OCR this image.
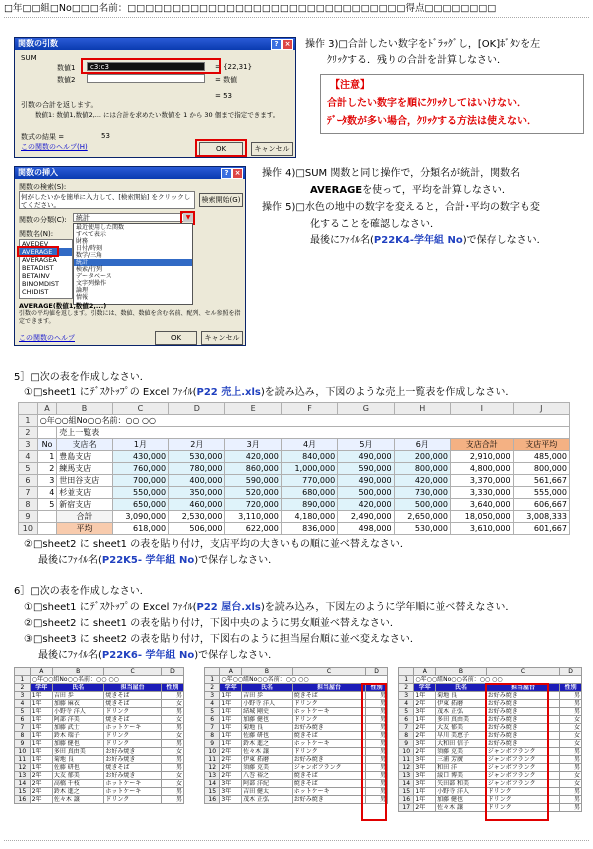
□年□□組□No□□□名前：□□□□□□□□□□□□□□□□□□□□□□□□□□□□□□□得点□□□□□□□□
関数の引数	? ×
SUM
数値1	c3:c3	= {22,31}
数値2	= 数値
= 53
引数の合計を返します。
数値1: 数値1,数値2,... には合計を求めたい数値を 1 から 30 個まで指定できます。
数式の結果 =	53
この関数のヘルプ(H)	OK	キャンセル
操作 3)□合計したい数字をﾄﾞﾗｯｸﾞし，[OK]ﾎﾞﾀﾝを左
ｸﾘｯｸする．残りの合計を計算しなさい．
【注意】
合計したい数字を順にｸﾘｯｸしてはいけない．
ﾃﾞｰﾀ数が多い場合，ｸﾘｯｸする方法は使えない．
関数の挿入	? ×
関数の検索(S):
何がしたいかを簡単に入力して、[検索開始] をクリックしてください。
検索開始(G)
関数の分類(C):	統計	▼
最近使用した関数
すべて表示
財務
日付/時刻
数学/三角
統計
検索/行列
データベース
文字列操作
論理
情報
関数名(N):
AVEDEV
AVERAGE
AVERAGEA
BETADIST
BETAINV
BINOMDIST
CHIDIST
AVERAGE(数値1,数値2,...)
引数の平均値を返します。引数には、数値、数値を含む名前、配列、セル参照を指定できます。
この関数のヘルプ	OK	キャンセル
操作 4)□SUM 関数と同じ操作で，分類名が統計，関数名
AVERAGEを使って，平均を計算しなさい．
操作 5)□水色の地中の数字を変えると，合計･平均の数字も変
化することを確認しなさい．
最後にﾌｧｲﾙ名(P22K4-学年組 No)で保存しなさい．
5］□次の表を作成しなさい．
①□sheet1 にﾃﾞｽｸﾄｯﾌﾟの Excel ﾌｧｲﾙ(P22 売上.xls)を読み込み，下図のような売上一覧表を作成しなさい．
	A	B	C	D	E	F	G	H	I	J
1	○年○○組No○○名前：○○ ○○									
2		売上一覧表								
3	No	支店名	1月	2月	3月	4月	5月	6月	支店合計	支店平均
4	1	豊島支店	430,000	530,000	420,000	840,000	490,000	200,000	2,910,000	485,000
5	2	練馬支店	760,000	780,000	860,000	1,000,000	590,000	800,000	4,800,000	800,000
6	3	世田谷支店	700,000	400,000	590,000	770,000	490,000	420,000	3,370,000	561,667
7	4	杉並支店	550,000	350,000	520,000	680,000	500,000	730,000	3,330,000	555,000
8	5	新宿支店	650,000	460,000	720,000	890,000	420,000	500,000	3,640,000	606,667
9		合計	3,090,000	2,530,000	3,110,000	4,180,000	2,490,000	2,650,000	18,050,000	3,008,333
10		平均	618,000	506,000	622,000	836,000	498,000	530,000	3,610,000	601,667
②□sheet2 に sheet1 の表を貼り付け，支店平均の大きいもの順に並べ替えなさい．
最後にﾌｧｲﾙ名(P22K5- 学年組 No)で保存しなさい．
6］□次の表を作成しなさい．
①□sheet1 にﾃﾞｽｸﾄｯﾌﾟの Excel ﾌｧｲﾙ(P22 屋台.xls)を読み込み，下図左のように学年順に並べ替えなさい．
②□sheet2 に sheet1 の表を貼り付け，下図中央のように男女順並べ替えなさい．
③□sheet3 に sheet2 の表を貼り付け，下図右のように担当屋台順に並べ変えなさい．
最後にﾌｧｲﾙ名(P22K6- 学年組 No)で保存しなさい．
	A	B	C	D
1	○年○○組No○○名前：○○ ○○			
2	学年	氏名	担当屋台	性別
3	1年	吉田 歩	焼きそば	男
4	1年	加藤 麻衣	焼きそば	女
5	1年	小野寺 洋人	ドリンク	男
6	1年	阿部 洋美	焼きそば	女
7	1年	加藤 武士	ホットケーキ	男
8	1年	鈴木 瑞子	ドリンク	女
9	1年	加藤 健也	ドリンク	男
10	1年	多田 真由美	お好み焼き	女
11	1年	菊地 良	お好み焼き	男
12	1年	佐藤 研也	焼きそば	男
13	2年	大友 郁美	お好み焼き	女
14	2年	高橋 千枝	ホットケーキ	女
15	2年	鈴木 進之	ホットケーキ	男
16	2年	佐々木 譲	ドリンク	男
	A	B	C	D
1	○年○○組No○○名前：○○ ○○			
2	学年	氏名	担当屋台	性別
3	1年	吉田 歩	焼きそば	男
4	1年	小野寺 洋人	ドリンク	男
5	1年	結城 剛史	ホットケーキ	男
6	1年	加藤 健也	ドリンク	男
7	1年	菊地 良	お好み焼き	男
8	1年	佐藤 研也	焼きそば	男
9	1年	鈴木 進之	ホットケーキ	男
10	2年	佐々木 譲	ドリンク	男
11	2年	伊東 拓磨	お好み焼き	男
12	2年	須藤 克美	ジャンボフランク	男
13	2年	八巻 裕之	焼きそば	男
14	3年	阿部 洋紀	焼きそば	男
15	3年	吉田 健太	ホットケーキ	男
16	3年	茂木 正弘	お好み焼き	男
	A	B	C	D
1	○年○○組No○○名前：○○ ○○			
2	学年	氏名	担当屋台	性別
3	1年	菊地 良	お好み焼き	男
4	2年	伊東 拓磨	お好み焼き	男
5	3年	茂木 正弘	お好み焼き	男
6	1年	多田 真由美	お好み焼き	女
7	2年	大友 郁美	お好み焼き	女
8	2年	早川 美恵子	お好み焼き	女
9	3年	大和田 信子	お好み焼き	女
10	2年	須藤 克美	ジャンボフランク	男
11	3年	三浦 芳廣	ジャンボフランク	男
12	3年	和田 洋	ジャンボフランク	男
13	3年	綾口 博美	ジャンボフランク	女
14	3年	矢田部 和美	ジャンボフランク	女
15	1年	小野寺 洋人	ドリンク	男
16	1年	加藤 健也	ドリンク	男
17	2年	佐々木 譲	ドリンク	男
